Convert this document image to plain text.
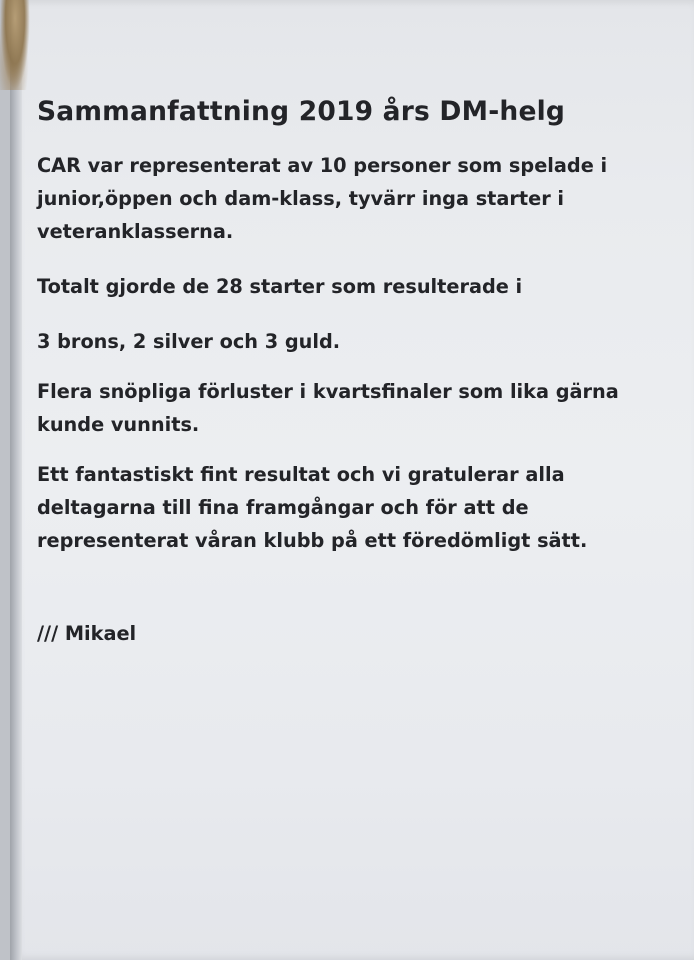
Sammanfattning 2019 års DM-helg
CAR var representerat av 10 personer som spelade i
junior,öppen och dam-klass, tyvärr inga starter i
veteranklasserna.
Totalt gjorde de 28 starter som resulterade i
3 brons, 2 silver och 3 guld.
Flera snöpliga förluster i kvartsfinaler som lika gärna
kunde vunnits.
Ett fantastiskt fint resultat och vi gratulerar alla
deltagarna till fina framgångar och för att de
representerat våran klubb på ett föredömligt sätt.
/// Mikael
